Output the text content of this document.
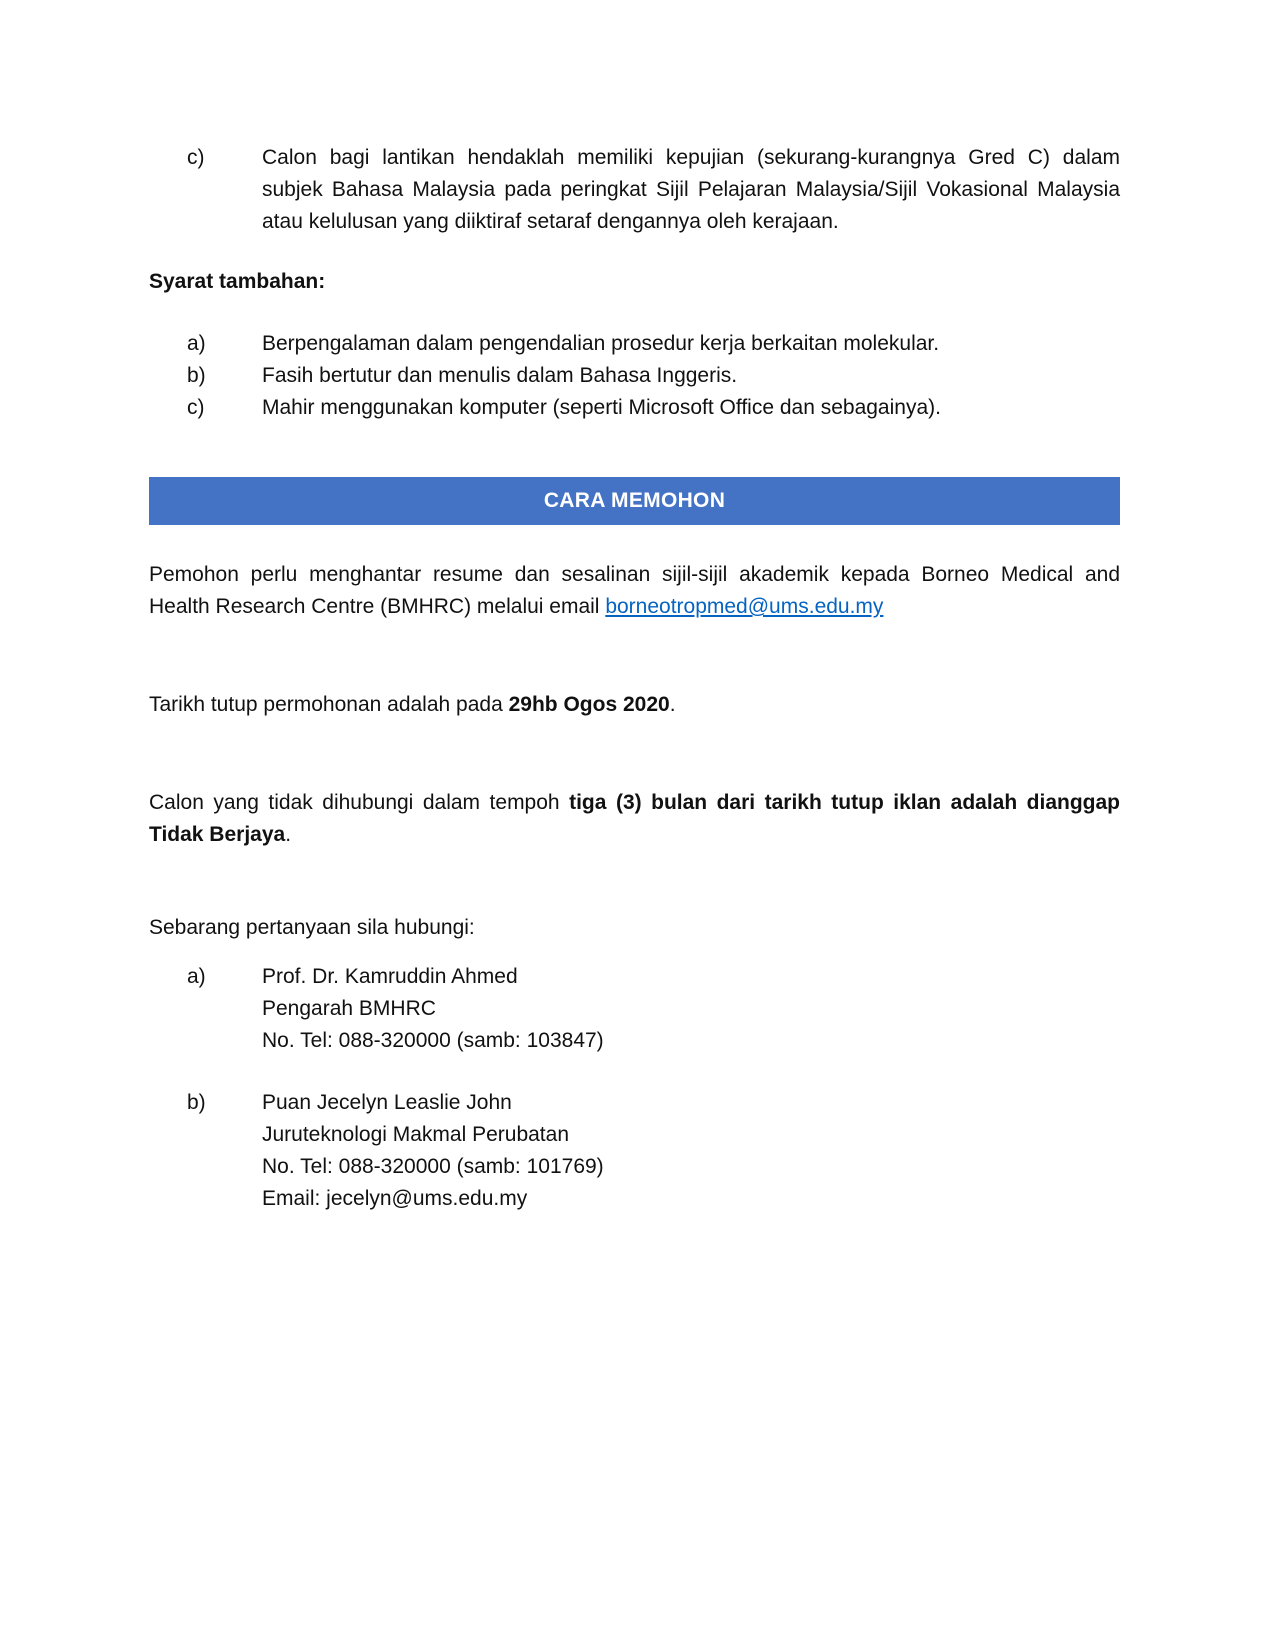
c)	Calon bagi lantikan hendaklah memiliki kepujian (sekurang-kurangnya Gred C) dalam
subjek Bahasa Malaysia pada peringkat Sijil Pelajaran Malaysia/Sijil Vokasional Malaysia
atau kelulusan yang diiktiraf setaraf dengannya oleh kerajaan.
Syarat tambahan:
a)	Berpengalaman dalam pengendalian prosedur kerja berkaitan molekular.
b)	Fasih bertutur dan menulis dalam Bahasa Inggeris.
c)	Mahir menggunakan komputer (seperti Microsoft Office dan sebagainya).
CARA MEMOHON
Pemohon perlu menghantar resume dan sesalinan sijil-sijil akademik kepada Borneo Medical and
Health Research Centre (BMHRC) melalui email borneotropmed@ums.edu.my
Tarikh tutup permohonan adalah pada 29hb Ogos 2020.
Calon yang tidak dihubungi dalam tempoh tiga (3) bulan dari tarikh tutup iklan adalah dianggap
Tidak Berjaya.
Sebarang pertanyaan sila hubungi:
a)	Prof. Dr. Kamruddin Ahmed
Pengarah BMHRC
No. Tel: 088-320000 (samb: 103847)
b)	Puan Jecelyn Leaslie John
Juruteknologi Makmal Perubatan
No. Tel: 088-320000 (samb: 101769)
Email: jecelyn@ums.edu.my
